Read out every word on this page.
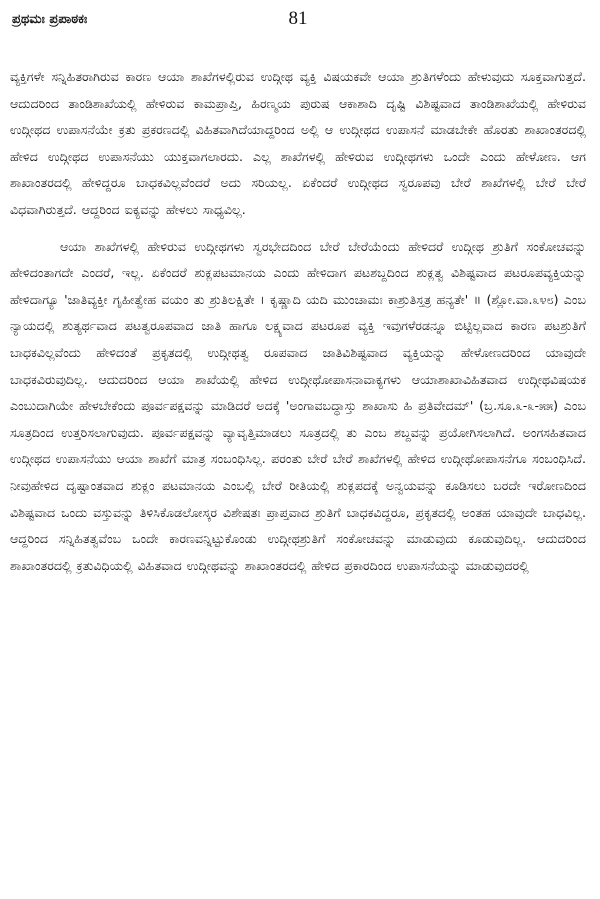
ಪ್ರಥಮಃ ಪ್ರಪಾಠಕಃ	81

ವ್ಯಕ್ತಿಗಳೇ ಸನ್ನಿಹಿತರಾಗಿರುವ ಕಾರಣ ಆಯಾ ಶಾಖೆಗಳಲ್ಲಿರುವ ಉದ್ಗೀಥ ವ್ಯಕ್ತಿ ವಿಷಯಕವೇ ಆಯಾ ಶ್ರುತಿಗಳೆಂದು ಹೇಳುವುದು ಸೂಕ್ತವಾಗುತ್ತದೆ. ಆದುದರಿಂದ ತಾಂಡಿಶಾಖೆಯಲ್ಲಿ ಹೇಳಿರುವ ಕಾಮಪ್ರಾಪ್ತಿ, ಹಿರಣ್ಮಯ ಪುರುಷ ಆಕಾಶಾದಿ ದೃಷ್ಟಿ ವಿಶಿಷ್ಟವಾದ ತಾಂಡಿಶಾಖೆಯಲ್ಲಿ ಹೇಳಿರುವ ಉದ್ಗೀಥದ ಉಪಾಸನೆಯೇ ಕ್ರತು ಪ್ರಕರಣದಲ್ಲಿ ವಿಹಿತವಾಗಿದೆಯಾದ್ದರಿಂದ ಅಲ್ಲಿ ಆ ಉದ್ಗೀಥದ ಉಪಾಸನೆ ಮಾಡಬೇಕೇ ಹೊರತು ಶಾಖಾಂತರದಲ್ಲಿ ಹೇಳಿದ ಉದ್ಗೀಥದ ಉಪಾಸನೆಯು ಯುಕ್ತವಾಗಲಾರದು. ಎಲ್ಲ ಶಾಖೆಗಳಲ್ಲಿ ಹೇಳಿರುವ ಉದ್ಗೀಥಗಳು ಒಂದೇ ಎಂದು ಹೇಳೋಣ. ಆಗ ಶಾಖಾಂತರದಲ್ಲಿ ಹೇಳಿದ್ದರೂ ಬಾಧಕವಿಲ್ಲವೆಂದರೆ ಅದು ಸರಿಯಲ್ಲ. ಏಕೆಂದರೆ ಉದ್ಗೀಥದ ಸ್ವರೂಪವು ಬೇರೆ ಶಾಖೆಗಳಲ್ಲಿ ಬೇರೆ ಬೇರೆ ವಿಧವಾಗಿರುತ್ತದೆ. ಆದ್ದರಿಂದ ಐಕ್ಯವನ್ನು ಹೇಳಲು ಸಾಧ್ಯವಿಲ್ಲ.

ಆಯಾ ಶಾಖೆಗಳಲ್ಲಿ ಹೇಳಿರುವ ಉದ್ಗೀಥಗಳು ಸ್ವರಭೇದದಿಂದ ಬೇರೆ ಬೇರೆಯೆಂದು ಹೇಳಿದರೆ ಉದ್ಗೀಥ ಶ್ರುತಿಗೆ ಸಂಕೋಚವನ್ನು ಹೇಳಿದಂತಾಗದೇ ಎಂದರೆ, ಇಲ್ಲ. ಏಕೆಂದರೆ ಶುಕ್ಲಪಟಮಾನಯ ಎಂದು ಹೇಳಿದಾಗ ಪಟಶಬ್ದದಿಂದ ಶುಕ್ಲತ್ವ ವಿಶಿಷ್ಟವಾದ ಪಟರೂಪವ್ಯಕ್ತಿಯನ್ನು ಹೇಳಿದಾಗ್ಯೂ 'ಜಾತಿವ್ಯಕ್ತೀ ಗೃಹೀತ್ವೇಹ ವಯಂ ತು ಶ್ರುತಿಲಕ್ಷಿತೇ । ಕೃಷ್ಣಾದಿ ಯದಿ ಮುಂಚಾಮಃ ಕಾಶ್ರುತಿಸ್ತತ್ರ ಹನ್ಯತೇ' ॥ (ಶ್ಲೋ.ವಾ.೩೪೮) ಎಂಬ ನ್ಯಾಯದಲ್ಲಿ ಶುತ್ಯರ್ಥವಾದ ಪಟತ್ವರೂಪವಾದ ಜಾತಿ ಹಾಗೂ ಲಕ್ಷ್ಯವಾದ ಪಟರೂಪ ವ್ಯಕ್ತಿ ಇವುಗಳೆರಡನ್ನೂ ಬಿಟ್ಟಿಲ್ಲವಾದ ಕಾರಣ ಪಟಶ್ರುತಿಗೆ ಬಾಧಕವಿಲ್ಲವೆಂದು ಹೇಳಿದಂತೆ ಪ್ರಕೃತದಲ್ಲಿ ಉದ್ಗೀಥತ್ವ ರೂಪವಾದ ಜಾತಿವಿಶಿಷ್ಟವಾದ ವ್ಯಕ್ತಿಯನ್ನು ಹೇಳೋಣದರಿಂದ ಯಾವುದೇ ಬಾಧಕವಿರುವುದಿಲ್ಲ. ಆದುದರಿಂದ ಆಯಾ ಶಾಖೆಯಲ್ಲಿ ಹೇಳಿದ ಉದ್ಗೀಥೋಪಾಸನಾವಾಕ್ಯಗಳು ಆಯಾಶಾಖಾವಿಹಿತವಾದ ಉದ್ಗೀಥವಿಷಯಕ ಎಂಬುದಾಗಿಯೇ ಹೇಳಬೇಕೆಂದು ಪೂರ್ವಪಕ್ಷವನ್ನು ಮಾಡಿದರೆ ಅದಕ್ಕೆ 'ಅಂಗಾವಬದ್ಧಾಸ್ತು ಶಾಖಾಸು ಹಿ ಪ್ರತಿವೇದಮ್' (ಬ್ರ.ಸೂ.೩-೩-೫೫) ಎಂಬ ಸೂತ್ರದಿಂದ ಉತ್ತರಿಸಲಾಗುವುದು. ಪೂರ್ವಪಕ್ಷವನ್ನು ವ್ಯಾವೃತ್ತಿಮಾಡಲು ಸೂತ್ರದಲ್ಲಿ ತು ಎಂಬ ಶಬ್ದವನ್ನು ಪ್ರಯೋಗಿಸಲಾಗಿದೆ. ಅಂಗಸಹಿತವಾದ ಉದ್ಗೀಥದ ಉಪಾಸನೆಯು ಆಯಾ ಶಾಖೆಗೆ ಮಾತ್ರ ಸಂಬಂಧಿಸಿಲ್ಲ. ಪರಂತು ಬೇರೆ ಬೇರೆ ಶಾಖೆಗಳಲ್ಲಿ ಹೇಳಿದ ಉದ್ಗೀಥೋಪಾಸನೆಗೂ ಸಂಬಂಧಿಸಿದೆ. ನೀವುಹೇಳಿದ ದೃಷ್ಟಾಂತವಾದ ಶುಕ್ಲಂ ಪಟಮಾನಯ ಎಂಬಲ್ಲಿ ಬೇರೆ ರೀತಿಯಲ್ಲಿ ಶುಕ್ಲಪದಕ್ಕೆ ಅನ್ವಯವನ್ನು ಕೂಡಿಸಲು ಬರದೇ ಇರೋಣದಿಂದ ವಿಶಿಷ್ಟವಾದ ಒಂದು ವಸ್ತುವನ್ನು ತಿಳಿಸಿಕೊಡಲೋಸ್ಕರ ವಿಶೇಷತಃ ಪ್ರಾಪ್ತವಾದ ಶ್ರುತಿಗೆ ಬಾಧಕವಿದ್ದರೂ, ಪ್ರಕೃತದಲ್ಲಿ ಅಂತಹ ಯಾವುದೇ ಬಾಧವಿಲ್ಲ. ಆದ್ದರಿಂದ ಸನ್ನಿಹಿತತ್ವವೆಂಬ ಒಂದೇ ಕಾರಣವನ್ನಿಟ್ಟುಕೊಂಡು ಉದ್ಗೀಥಶ್ರುತಿಗೆ ಸಂಕೋಚವನ್ನು ಮಾಡುವುದು ಕೂಡುವುದಿಲ್ಲ. ಆದುದರಿಂದ ಶಾಖಾಂತರದಲ್ಲಿ ಕ್ರತುವಿಧಿಯಲ್ಲಿ ವಿಹಿತವಾದ ಉದ್ಗೀಥವನ್ನು ಶಾಖಾಂತರದಲ್ಲಿ ಹೇಳಿದ ಪ್ರಕಾರದಿಂದ ಉಪಾಸನೆಯನ್ನು ಮಾಡುವುದರಲ್ಲಿ
